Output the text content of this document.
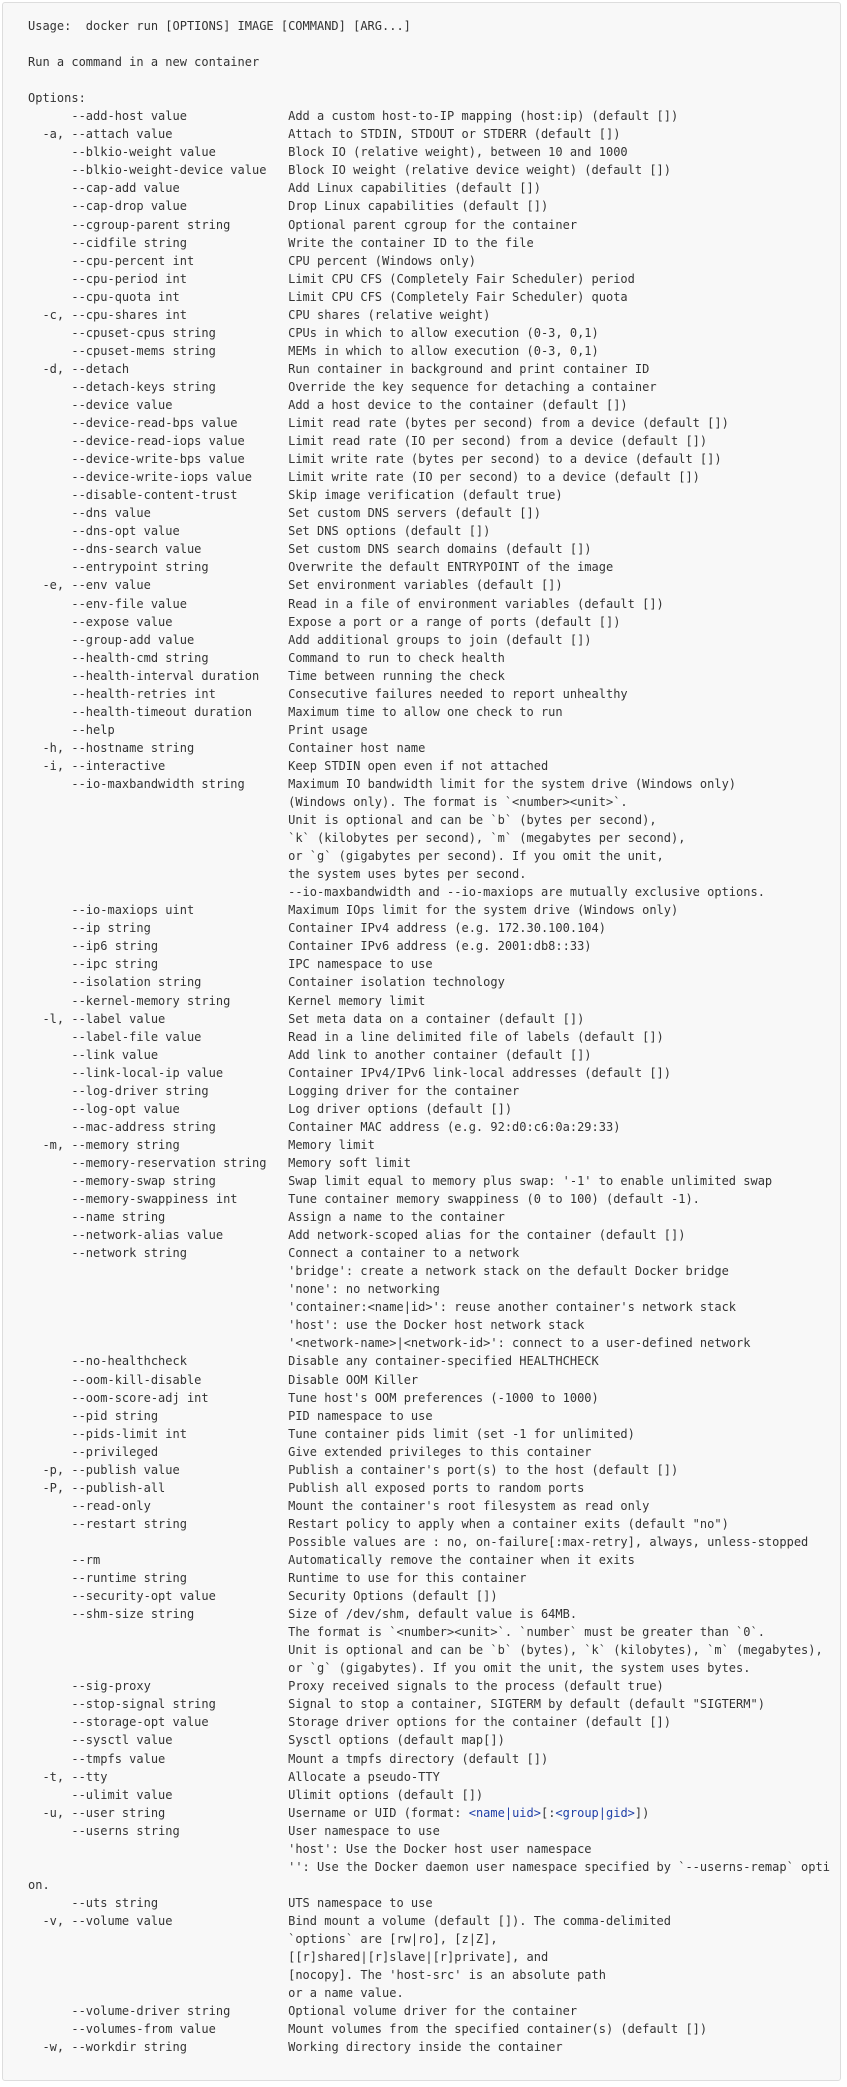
Usage:  docker run [OPTIONS] IMAGE [COMMAND] [ARG...]

Run a command in a new container

Options:
--add-host value              Add a custom host-to-IP mapping (host:ip) (default [])
-a, --attach value                Attach to STDIN, STDOUT or STDERR (default [])
--blkio-weight value          Block IO (relative weight), between 10 and 1000
--blkio-weight-device value   Block IO weight (relative device weight) (default [])
--cap-add value               Add Linux capabilities (default [])
--cap-drop value              Drop Linux capabilities (default [])
--cgroup-parent string        Optional parent cgroup for the container
--cidfile string              Write the container ID to the file
--cpu-percent int             CPU percent (Windows only)
--cpu-period int              Limit CPU CFS (Completely Fair Scheduler) period
--cpu-quota int               Limit CPU CFS (Completely Fair Scheduler) quota
-c, --cpu-shares int              CPU shares (relative weight)
--cpuset-cpus string          CPUs in which to allow execution (0-3, 0,1)
--cpuset-mems string          MEMs in which to allow execution (0-3, 0,1)
-d, --detach                      Run container in background and print container ID
--detach-keys string          Override the key sequence for detaching a container
--device value                Add a host device to the container (default [])
--device-read-bps value       Limit read rate (bytes per second) from a device (default [])
--device-read-iops value      Limit read rate (IO per second) from a device (default [])
--device-write-bps value      Limit write rate (bytes per second) to a device (default [])
--device-write-iops value     Limit write rate (IO per second) to a device (default [])
--disable-content-trust       Skip image verification (default true)
--dns value                   Set custom DNS servers (default [])
--dns-opt value               Set DNS options (default [])
--dns-search value            Set custom DNS search domains (default [])
--entrypoint string           Overwrite the default ENTRYPOINT of the image
-e, --env value                   Set environment variables (default [])
--env-file value              Read in a file of environment variables (default [])
--expose value                Expose a port or a range of ports (default [])
--group-add value             Add additional groups to join (default [])
--health-cmd string           Command to run to check health
--health-interval duration    Time between running the check
--health-retries int          Consecutive failures needed to report unhealthy
--health-timeout duration     Maximum time to allow one check to run
--help                        Print usage
-h, --hostname string             Container host name
-i, --interactive                 Keep STDIN open even if not attached
--io-maxbandwidth string      Maximum IO bandwidth limit for the system drive (Windows only)
(Windows only). The format is `<number><unit>`.
Unit is optional and can be `b` (bytes per second),
`k` (kilobytes per second), `m` (megabytes per second),
or `g` (gigabytes per second). If you omit the unit,
the system uses bytes per second.
--io-maxbandwidth and --io-maxiops are mutually exclusive options.
--io-maxiops uint             Maximum IOps limit for the system drive (Windows only)
--ip string                   Container IPv4 address (e.g. 172.30.100.104)
--ip6 string                  Container IPv6 address (e.g. 2001:db8::33)
--ipc string                  IPC namespace to use
--isolation string            Container isolation technology
--kernel-memory string        Kernel memory limit
-l, --label value                 Set meta data on a container (default [])
--label-file value            Read in a line delimited file of labels (default [])
--link value                  Add link to another container (default [])
--link-local-ip value         Container IPv4/IPv6 link-local addresses (default [])
--log-driver string           Logging driver for the container
--log-opt value               Log driver options (default [])
--mac-address string          Container MAC address (e.g. 92:d0:c6:0a:29:33)
-m, --memory string               Memory limit
--memory-reservation string   Memory soft limit
--memory-swap string          Swap limit equal to memory plus swap: '-1' to enable unlimited swap
--memory-swappiness int       Tune container memory swappiness (0 to 100) (default -1).
--name string                 Assign a name to the container
--network-alias value         Add network-scoped alias for the container (default [])
--network string              Connect a container to a network
'bridge': create a network stack on the default Docker bridge
'none': no networking
'container:<name|id>': reuse another container's network stack
'host': use the Docker host network stack
'<network-name>|<network-id>': connect to a user-defined network
--no-healthcheck              Disable any container-specified HEALTHCHECK
--oom-kill-disable            Disable OOM Killer
--oom-score-adj int           Tune host's OOM preferences (-1000 to 1000)
--pid string                  PID namespace to use
--pids-limit int              Tune container pids limit (set -1 for unlimited)
--privileged                  Give extended privileges to this container
-p, --publish value               Publish a container's port(s) to the host (default [])
-P, --publish-all                 Publish all exposed ports to random ports
--read-only                   Mount the container's root filesystem as read only
--restart string              Restart policy to apply when a container exits (default "no")
Possible values are : no, on-failure[:max-retry], always, unless-stopped
--rm                          Automatically remove the container when it exits
--runtime string              Runtime to use for this container
--security-opt value          Security Options (default [])
--shm-size string             Size of /dev/shm, default value is 64MB.
The format is `<number><unit>`. `number` must be greater than `0`.
Unit is optional and can be `b` (bytes), `k` (kilobytes), `m` (megabytes),
or `g` (gigabytes). If you omit the unit, the system uses bytes.
--sig-proxy                   Proxy received signals to the process (default true)
--stop-signal string          Signal to stop a container, SIGTERM by default (default "SIGTERM")
--storage-opt value           Storage driver options for the container (default [])
--sysctl value                Sysctl options (default map[])
--tmpfs value                 Mount a tmpfs directory (default [])
-t, --tty                         Allocate a pseudo-TTY
--ulimit value                Ulimit options (default [])
-u, --user string                 Username or UID (format: <name|uid>[:<group|gid>])
--userns string               User namespace to use
'host': Use the Docker host user namespace
'': Use the Docker daemon user namespace specified by `--userns-remap` opti
on.
--uts string                  UTS namespace to use
-v, --volume value                Bind mount a volume (default []). The comma-delimited
`options` are [rw|ro], [z|Z],
[[r]shared|[r]slave|[r]private], and
[nocopy]. The 'host-src' is an absolute path
or a name value.
--volume-driver string        Optional volume driver for the container
--volumes-from value          Mount volumes from the specified container(s) (default [])
-w, --workdir string              Working directory inside the container
